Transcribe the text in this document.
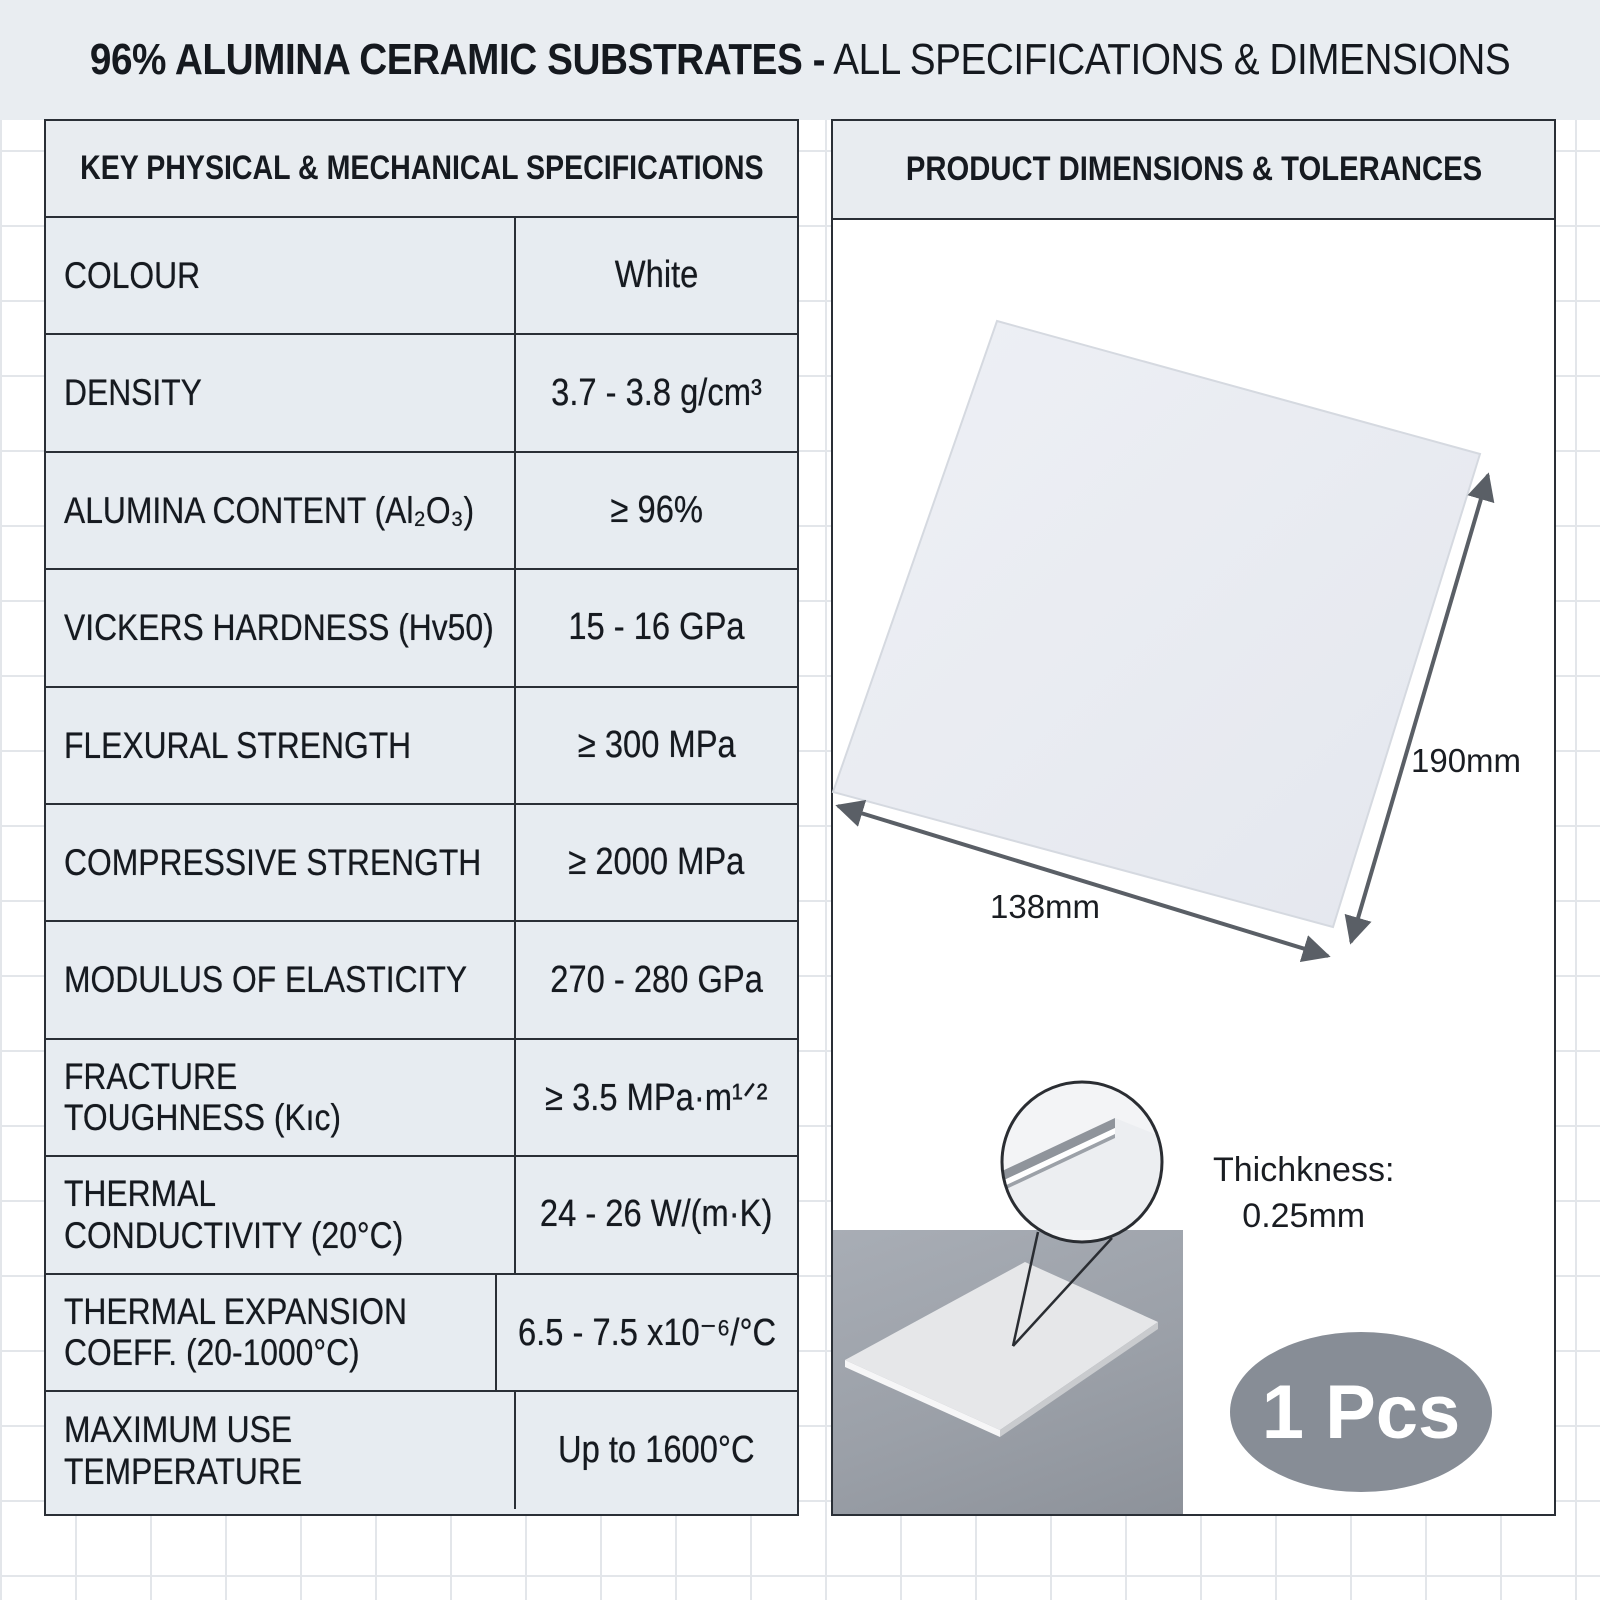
96% ALUMINA CERAMIC SUBSTRATES - ALL SPECIFICATIONS & DIMENSIONS
KEY PHYSICAL & MECHANICAL SPECIFICATIONS
COLOUR	White
DENSITY	3.7 - 3.8 g/cm³
ALUMINA CONTENT (Al₂O₃)	≥ 96%
VICKERS HARDNESS (Hv50) 15 - 16 GPa
FLEXURAL STRENGTH	≥ 300 MPa
COMPRESSIVE STRENGTH ≥ 2000 MPa
MODULUS OF ELASTICITY 270 - 280 GPa
FRACTURE
TOUGHNESS (Kıc)	≥ 3.5 MPa·m¹ᐟ²
THERMAL
CONDUCTIVITY (20°C)	24 - 26 W/(m·K)
THERMAL EXPANSION
COEFF. (20-1000°C)	6.5 - 7.5 x10⁻⁶/°C
MAXIMUM USE
TEMPERATURE	Up to 1600°C
PRODUCT DIMENSIONS & TOLERANCES
138mm
190mm
Thichkness:
0.25mm
1 Pcs
